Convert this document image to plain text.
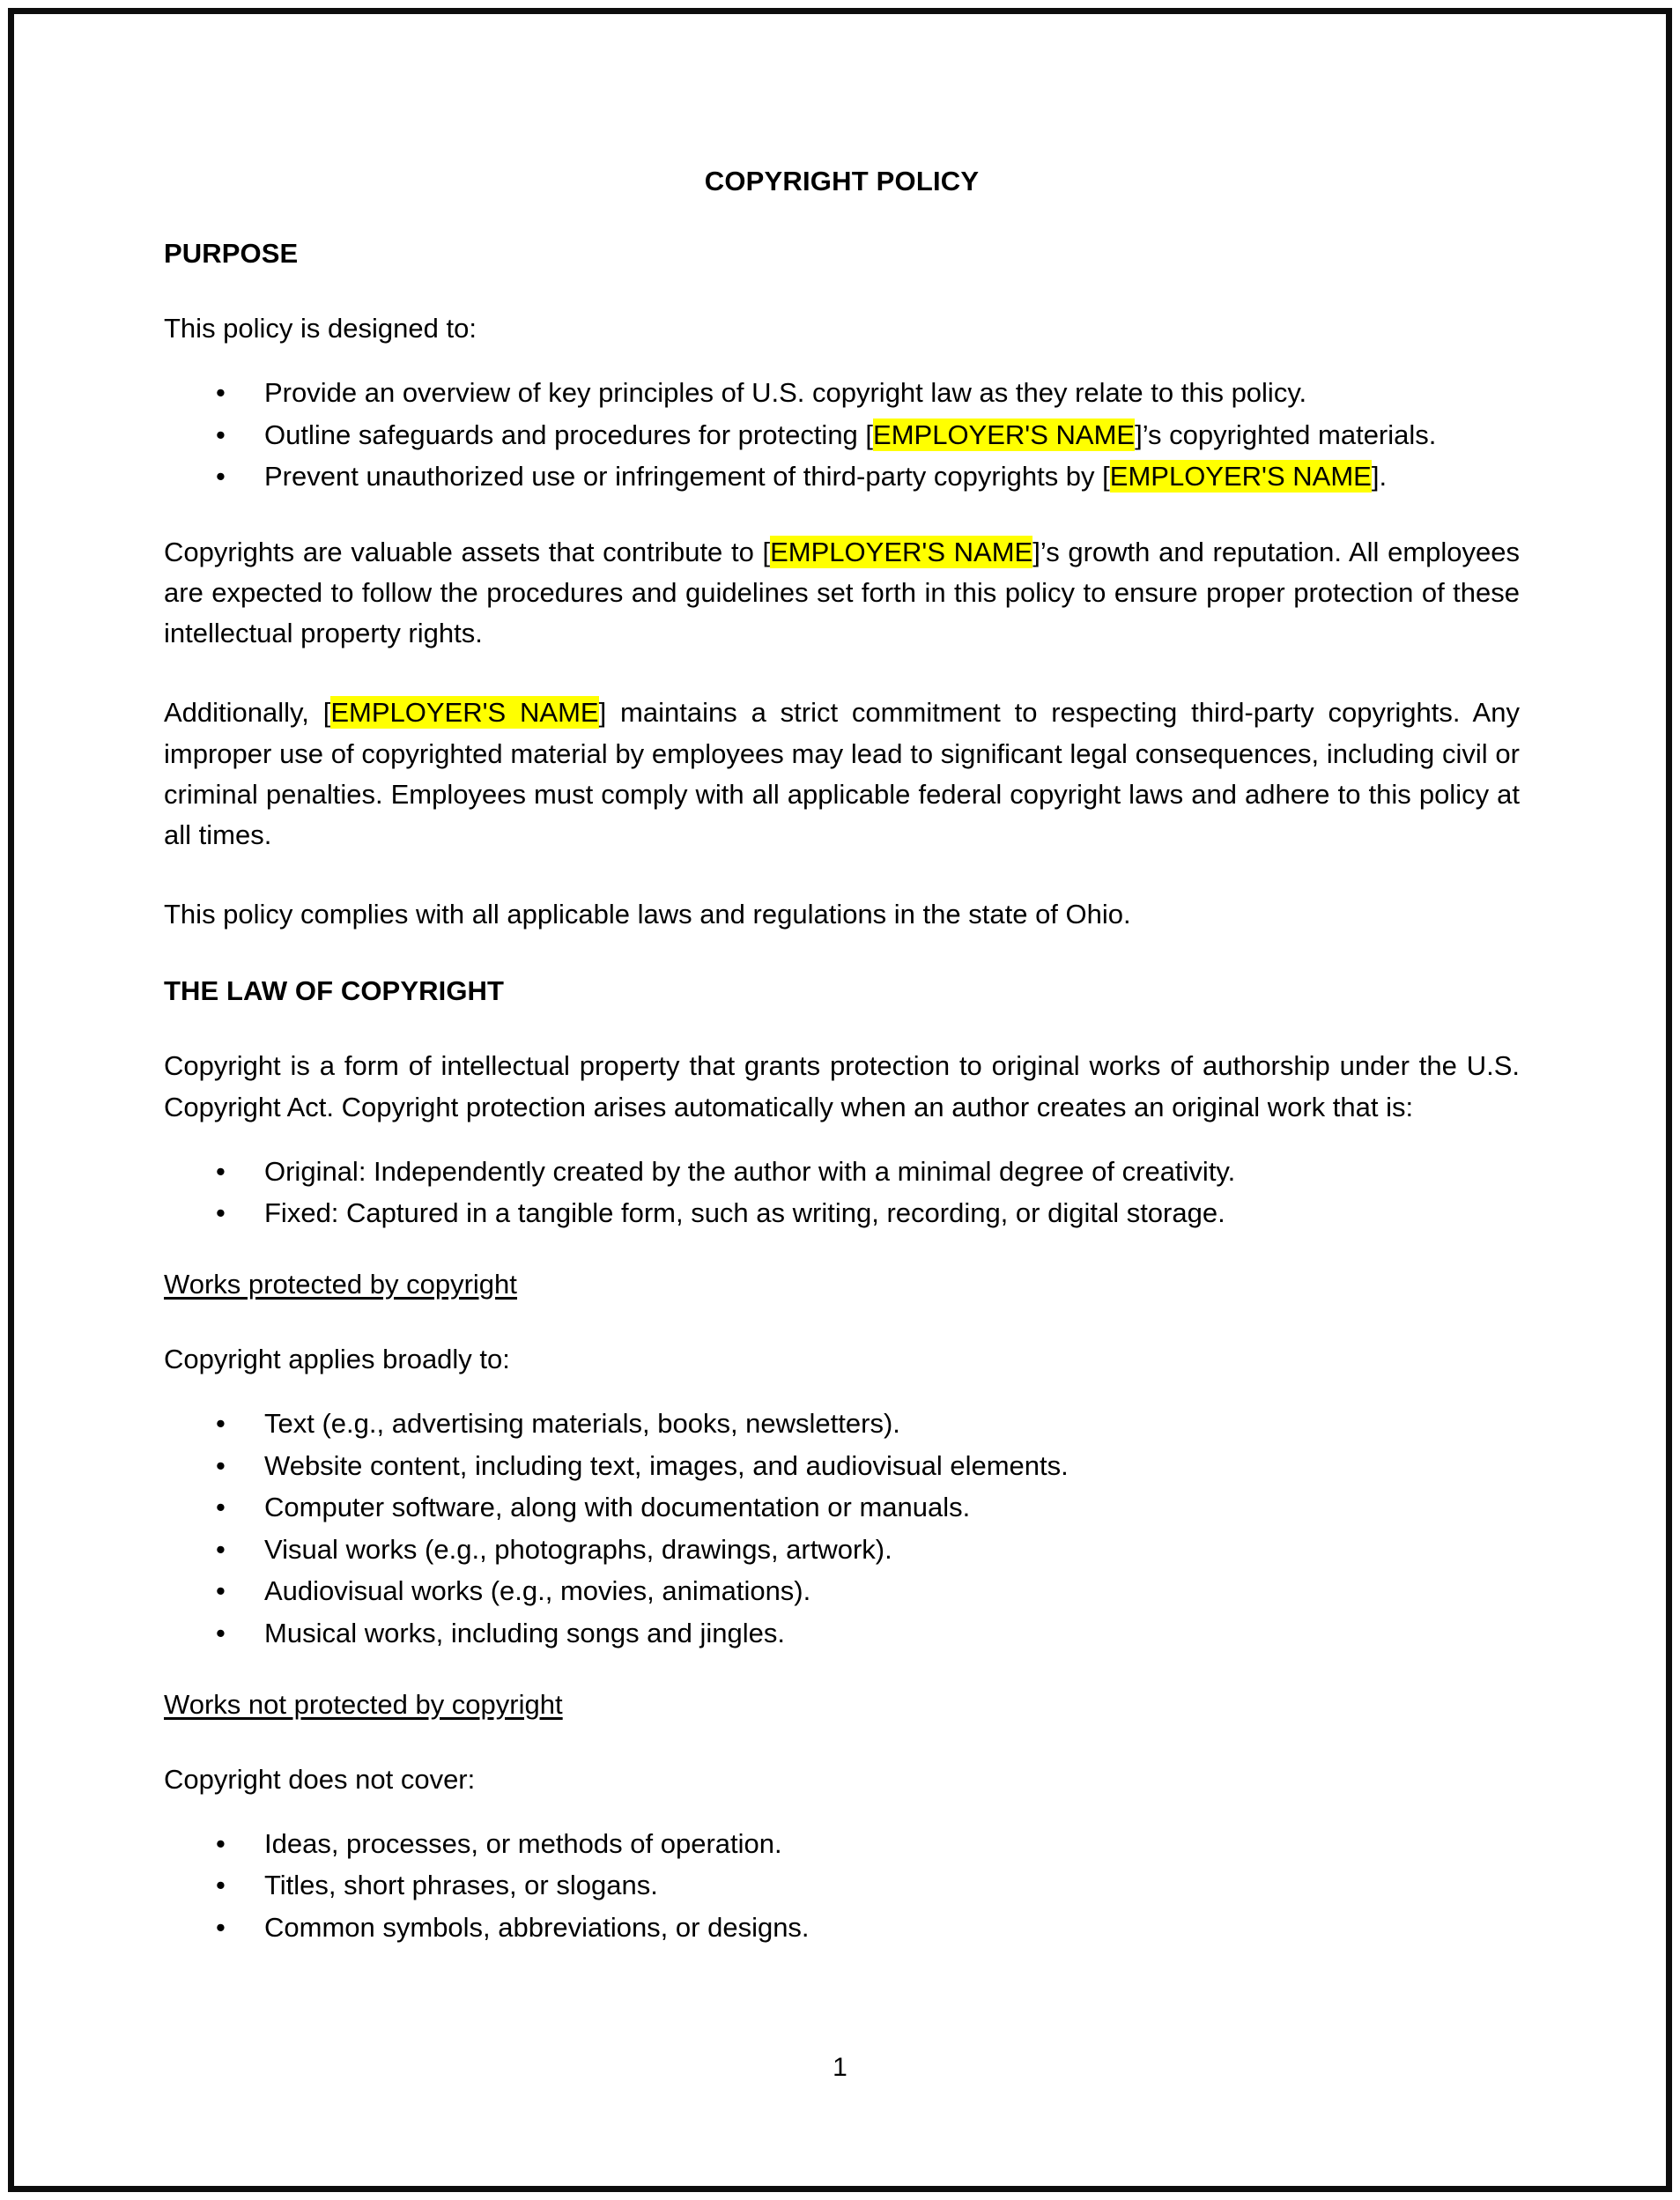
COPYRIGHT POLICY
PURPOSE

This policy is designed to:

• Provide an overview of key principles of U.S. copyright law as they relate to this policy.
• Outline safeguards and procedures for protecting [EMPLOYER'S NAME]’s copyrighted materials.
• Prevent unauthorized use or infringement of third-party copyrights by [EMPLOYER'S NAME].

Copyrights are valuable assets that contribute to [EMPLOYER'S NAME]’s growth and reputation. All employees are expected to follow the procedures and guidelines set forth in this policy to ensure proper protection of these intellectual property rights.

Additionally, [EMPLOYER'S NAME] maintains a strict commitment to respecting third-party copyrights. Any improper use of copyrighted material by employees may lead to significant legal consequences, including civil or criminal penalties. Employees must comply with all applicable federal copyright laws and adhere to this policy at all times.

This policy complies with all applicable laws and regulations in the state of Ohio.

THE LAW OF COPYRIGHT

Copyright is a form of intellectual property that grants protection to original works of authorship under the U.S. Copyright Act. Copyright protection arises automatically when an author creates an original work that is:

• Original: Independently created by the author with a minimal degree of creativity.
• Fixed: Captured in a tangible form, such as writing, recording, or digital storage.
Works protected by copyright

Copyright applies broadly to:

• Text (e.g., advertising materials, books, newsletters).
• Website content, including text, images, and audiovisual elements.
• Computer software, along with documentation or manuals.
• Visual works (e.g., photographs, drawings, artwork).
• Audiovisual works (e.g., movies, animations).
• Musical works, including songs and jingles.
Works not protected by copyright

Copyright does not cover:

• Ideas, processes, or methods of operation.
• Titles, short phrases, or slogans.
• Common symbols, abbreviations, or designs.
1
